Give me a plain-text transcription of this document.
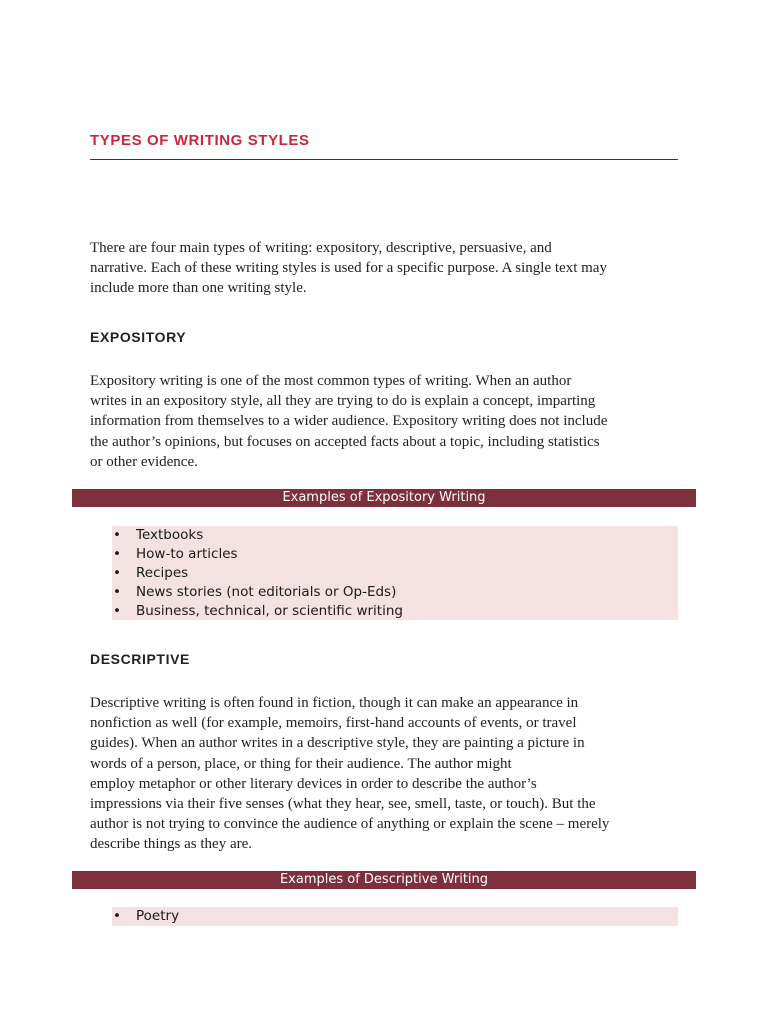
TYPES OF WRITING STYLES

There are four main types of writing: expository, descriptive, persuasive, and
narrative. Each of these writing styles is used for a specific purpose. A single text may
include more than one writing style.

EXPOSITORY

Expository writing is one of the most common types of writing. When an author
writes in an expository style, all they are trying to do is explain a concept, imparting
information from themselves to a wider audience. Expository writing does not include
the author’s opinions, but focuses on accepted facts about a topic, including statistics
or other evidence.

Examples of Expository Writing
• Textbooks
• How-to articles
• Recipes
• News stories (not editorials or Op-Eds)
• Business, technical, or scientific writing
DESCRIPTIVE

Descriptive writing is often found in fiction, though it can make an appearance in
nonfiction as well (for example, memoirs, first-hand accounts of events, or travel
guides). When an author writes in a descriptive style, they are painting a picture in
words of a person, place, or thing for their audience. The author might
employ metaphor or other literary devices in order to describe the author’s
impressions via their five senses (what they hear, see, smell, taste, or touch). But the
author is not trying to convince the audience of anything or explain the scene – merely
describe things as they are.

Examples of Descriptive Writing
• Poetry
